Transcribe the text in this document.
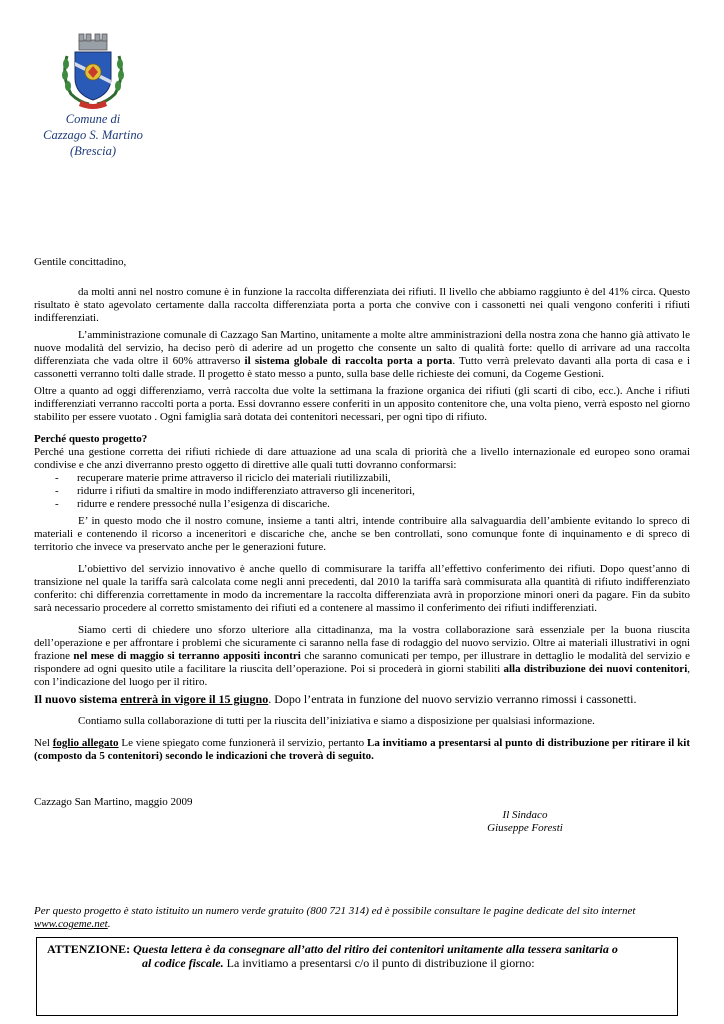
Comune di
Cazzago S. Martino
(Brescia)

Gentile concittadino,

da molti anni nel nostro comune è in funzione la raccolta differenziata dei rifiuti. Il livello che abbiamo raggiunto è del 41% circa. Questo risultato è stato agevolato certamente dalla raccolta differenziata porta a porta che convive con i cassonetti nei quali vengono conferiti i rifiuti indifferenziati.

L’amministrazione comunale di Cazzago San Martino, unitamente a molte altre amministrazioni della nostra zona che hanno già attivato le nuove modalità del servizio, ha deciso però di aderire ad un progetto che consente un salto di qualità forte: quello di arrivare ad una raccolta differenziata che vada oltre il 60% attraverso il sistema globale di raccolta porta a porta. Tutto verrà prelevato davanti alla porta di casa e i cassonetti verranno tolti dalle strade. Il progetto è stato messo a punto, sulla base delle richieste dei comuni, da Cogeme Gestioni.

Oltre a quanto ad oggi differenziamo, verrà raccolta due volte la settimana la frazione organica dei rifiuti (gli scarti di cibo, ecc.). Anche i rifiuti indifferenziati verranno raccolti porta a porta. Essi dovranno essere conferiti in un apposito contenitore che, una volta pieno, verrà esposto nel giorno stabilito per essere vuotato . Ogni famiglia sarà dotata dei contenitori necessari, per ogni tipo di rifiuto.

Perché questo progetto?

Perché una gestione corretta dei rifiuti richiede di dare attuazione ad una scala di priorità che a livello internazionale ed europeo sono oramai condivise e che anzi diverranno presto oggetto di direttive alle quali tutti dovranno conformarsi:

- recuperare materie prime attraverso il riciclo dei materiali riutilizzabili,
- ridurre i rifiuti da smaltire in modo indifferenziato attraverso gli inceneritori,
- ridurre e rendere pressoché nulla l’esigenza di discariche.

E’ in questo modo che il nostro comune, insieme a tanti altri, intende contribuire alla salvaguardia dell’ambiente evitando lo spreco di materiali e contenendo il ricorso a inceneritori e discariche che, anche se ben controllati, sono comunque fonte di inquinamento e di spreco di territorio che invece va preservato anche per le generazioni future.

L’obiettivo del servizio innovativo è anche quello di commisurare la tariffa all’effettivo conferimento dei rifiuti. Dopo quest’anno di transizione nel quale la tariffa sarà calcolata come negli anni precedenti, dal 2010 la tariffa sarà commisurata alla quantità di rifiuto indifferenziato conferito: chi differenzia correttamente in modo da incrementare la raccolta differenziata avrà in proporzione minori oneri da pagare. Fin da subito sarà necessario procedere al corretto smistamento dei rifiuti ed a contenere al massimo il conferimento dei rifiuti indifferenziati.

Siamo certi di chiedere uno sforzo ulteriore alla cittadinanza, ma la vostra collaborazione sarà essenziale per la buona riuscita dell’operazione e per affrontare i problemi che sicuramente ci saranno nella fase di rodaggio del nuovo servizio. Oltre ai materiali illustrativi in ogni frazione nel mese di maggio si terranno appositi incontri che saranno comunicati per tempo, per illustrare in dettaglio le modalità del servizio e rispondere ad ogni quesito utile a facilitare la riuscita dell’operazione. Poi si procederà in giorni stabiliti alla distribuzione dei nuovi contenitori, con l’indicazione del luogo per il ritiro.

Il nuovo sistema entrerà in vigore il 15 giugno. Dopo l’entrata in funzione del nuovo servizio verranno rimossi i cassonetti.

Contiamo sulla collaborazione di tutti per la riuscita dell’iniziativa e siamo a disposizione per qualsiasi informazione.

Nel foglio allegato Le viene spiegato come funzionerà il servizio, pertanto La invitiamo a presentarsi al punto di distribuzione per ritirare il kit (composto da 5 contenitori) secondo le indicazioni che troverà di seguito.

Cazzago San Martino, maggio 2009

Il Sindaco

Giuseppe Foresti

Per questo progetto è stato istituito un numero verde gratuito (800 721 314) ed è possibile consultare le pagine dedicate del sito internet www.cogeme.net.
ATTENZIONE: Questa lettera è da consegnare all’atto del ritiro dei contenitori unitamente alla tessera sanitaria o
al codice fiscale. La invitiamo a presentarsi c/o il punto di distribuzione il giorno:
